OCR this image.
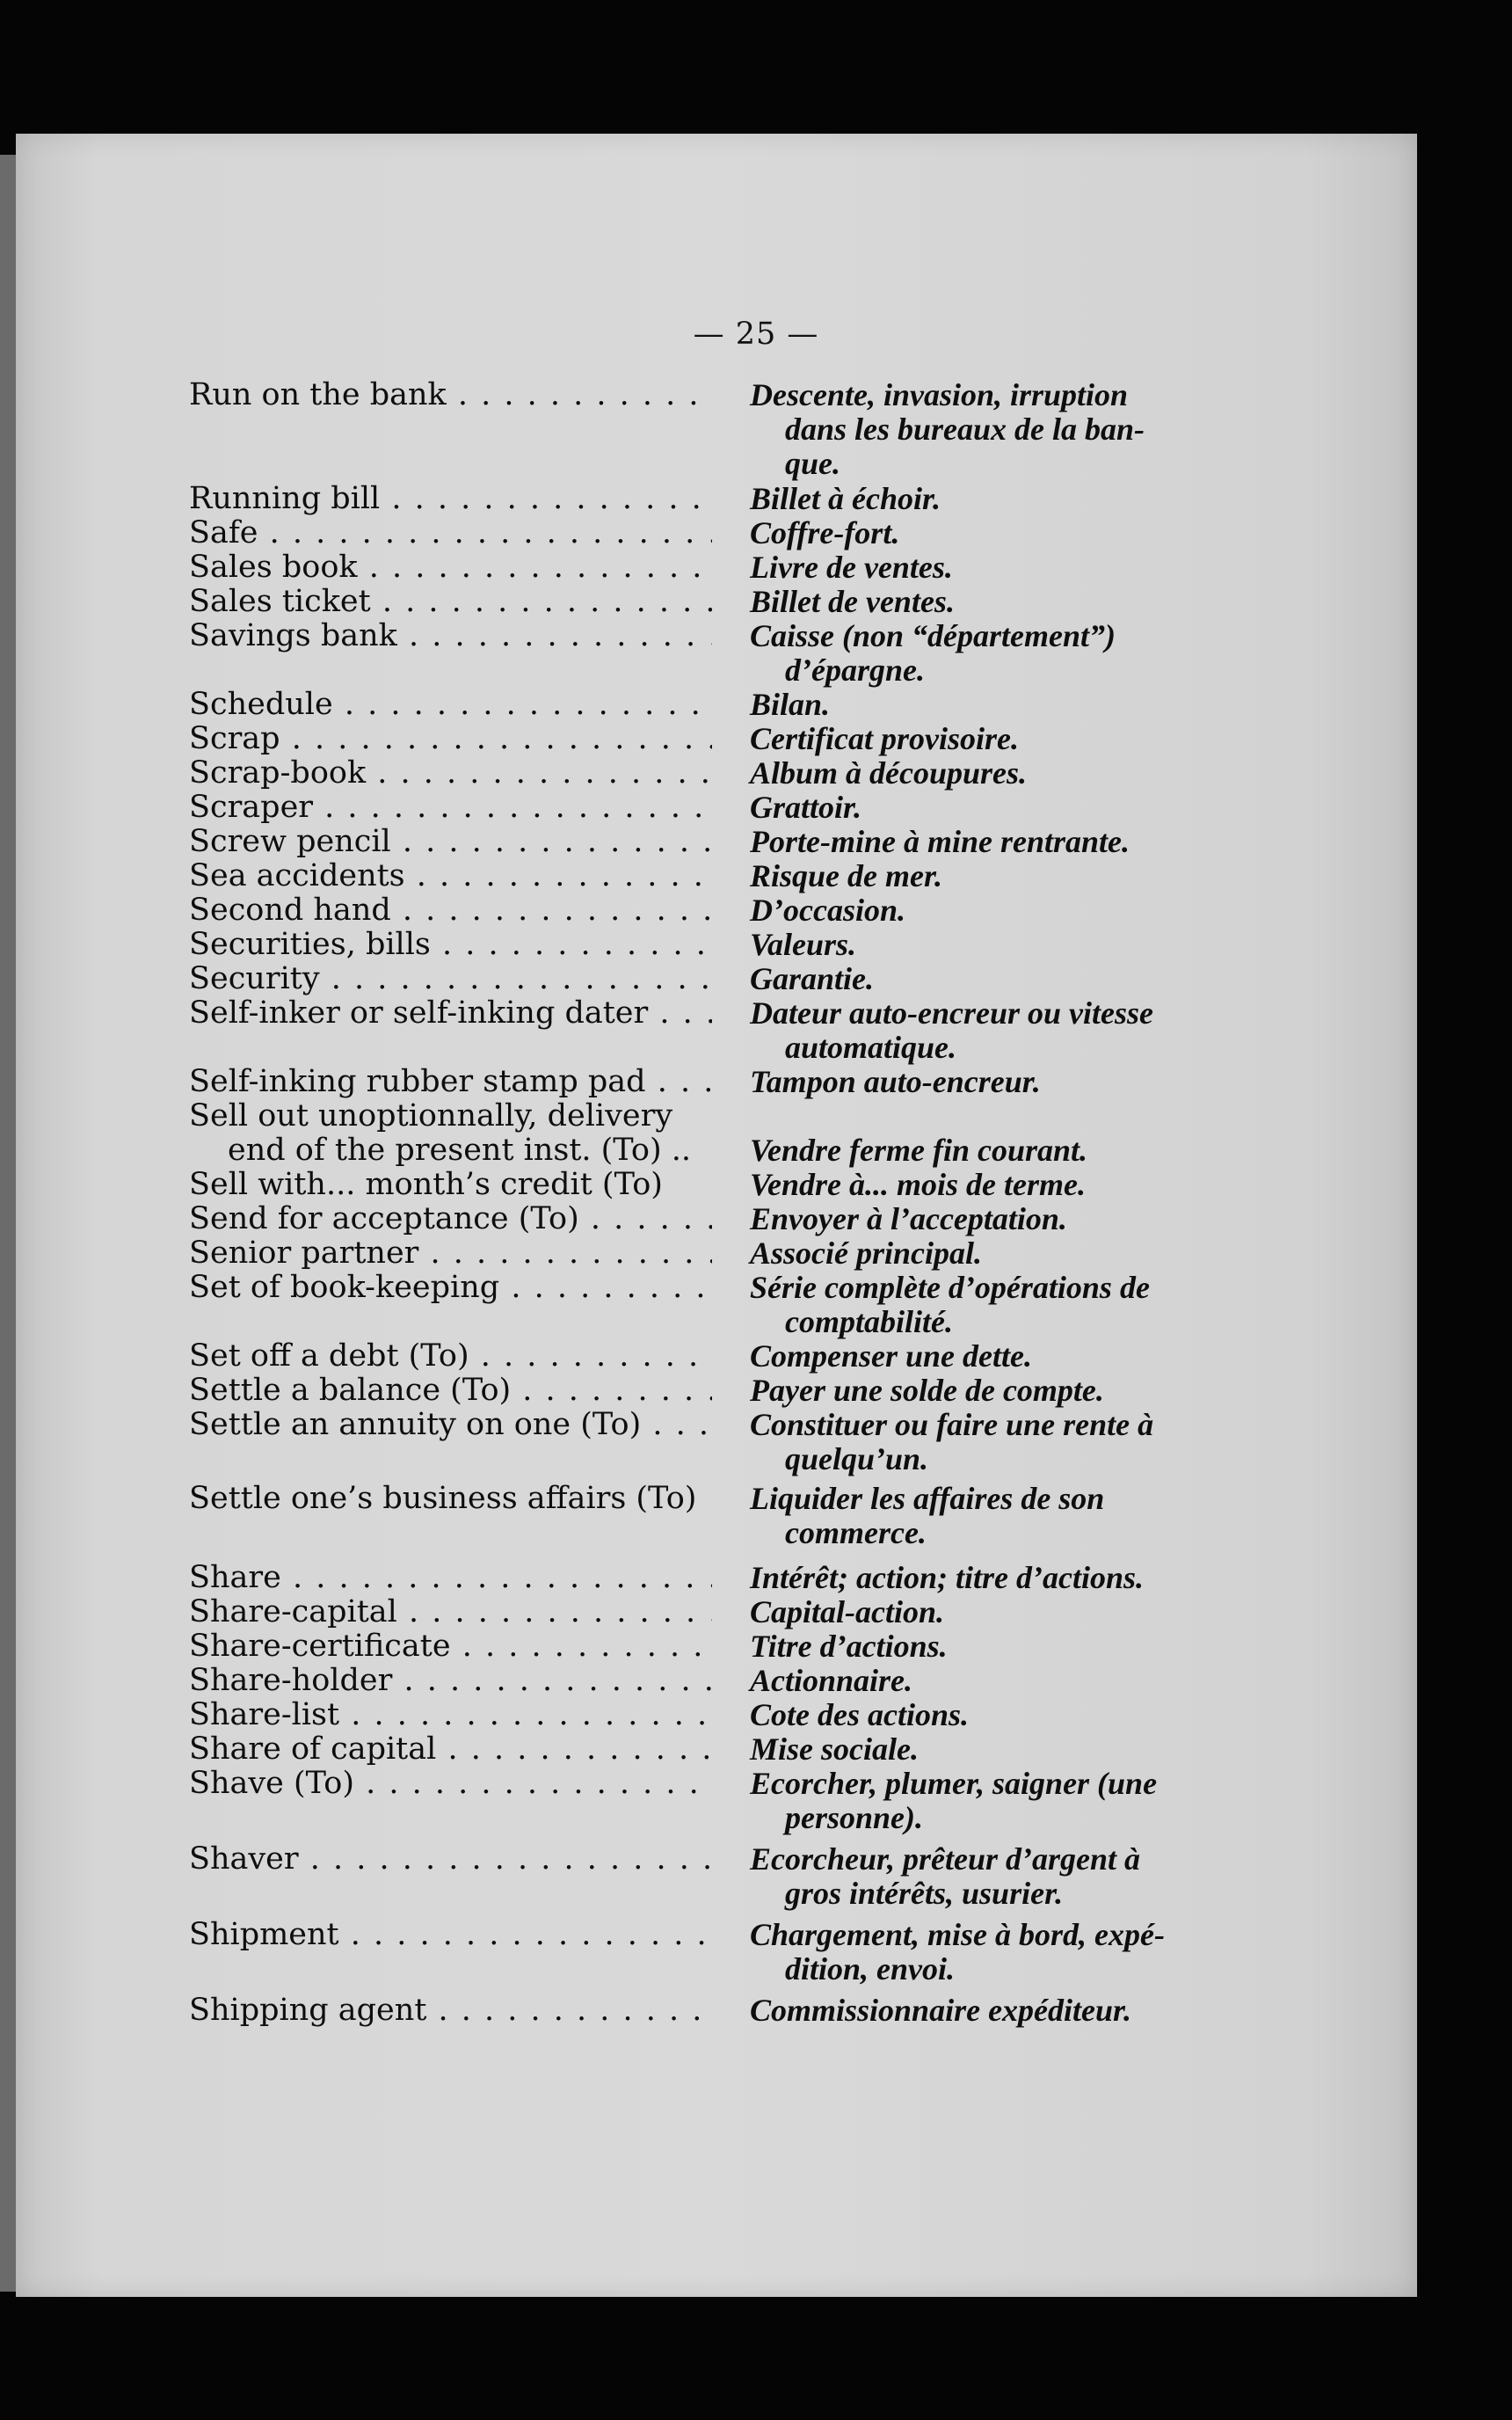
— 25 —
Run on the bank . . .	Descente, invasion, irruption
dans les bureaux de la ban-
que.
Running bill . . .	Billet à échoir.
Safe . . .	Coffre-fort.
Sales book . . .	Livre de ventes.
Sales ticket . . .	Billet de ventes.
Savings bank . . .	Caisse (non “département”)
d’épargne.
Schedule . . .	Bilan.
Scrap . . .	Certificat provisoire.
Scrap-book . . .	Album à découpures.
Scraper . . .	Grattoir.
Screw pencil . . .	Porte-mine à mine rentrante.
Sea accidents . . .	Risque de mer.
Second hand . . .	D’occasion.
Securities, bills . . .	Valeurs.
Security . . .	Garantie.
Self-inker or self-inking dater . . .	Dateur auto-encreur ou vitesse
automatique.
Self-inking rubber stamp pad . . .	Tampon auto-encreur.
Sell out unoptionnally, delivery
end of the present inst. (To) ..	Vendre ferme fin courant.
Sell with... month’s credit (To)	Vendre à... mois de terme.
Send for acceptance (To) . . .	Envoyer à l’acceptation.
Senior partner . . .	Associé principal.
Set of book-keeping . . .	Série complète d’opérations de
comptabilité.
Set off a debt (To) . . .	Compenser une dette.
Settle a balance (To) . . .	Payer une solde de compte.
Settle an annuity on one (To) . . .	Constituer ou faire une rente à
quelqu’un.
Settle one’s business affairs (To)	Liquider les affaires de son
commerce.
Share . . .	Intérêt; action; titre d’actions.
Share-capital . . .	Capital-action.
Share-certificate . . .	Titre d’actions.
Share-holder . . .	Actionnaire.
Share-list . . .	Cote des actions.
Share of capital . . .	Mise sociale.
Shave (To) . . .	Ecorcher, plumer, saigner (une
personne).
Shaver . . .	Ecorcheur, prêteur d’argent à
gros intérêts, usurier.
Shipment . . .	Chargement, mise à bord, expé-
dition, envoi.
Shipping agent . . .	Commissionnaire expéditeur.
